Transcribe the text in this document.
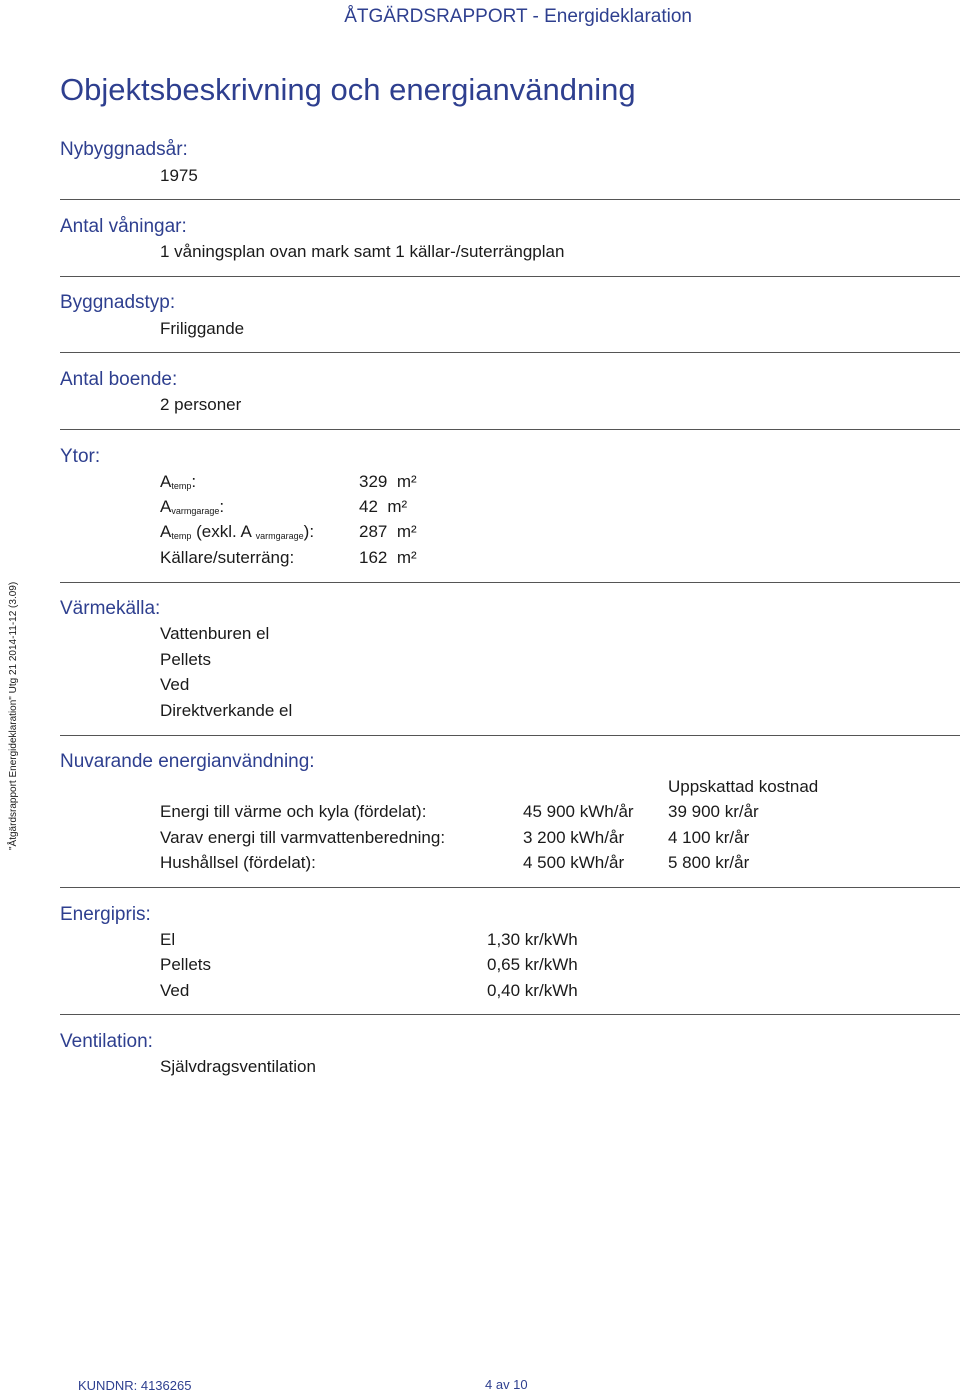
ÅTGÄRDSRAPPORT - Energideklaration
Objektsbeskrivning och energianvändning
"Åtgärdsrapport Energideklaration" Utg 21 2014-11-12 (3.09)
Nybyggnadsår:
1975
Antal våningar:
1 våningsplan ovan mark samt 1 källar-/suterrängplan
Byggnadstyp:
Friliggande
Antal boende:
2 personer
Ytor:
$A_{temp}$:	329 m²
$A_{varmgarage}$:	42 m²
$A_{temp}$ (exkl. A $_{varmgarage}$):	287 m²
Källare/suterräng:	162 m²
Värmekälla:
Vattenburen el
Pellets
Ved
Direktverkande el
Nuvarande energianvändning:
Uppskattad kostnad
Energi till värme och kyla (fördelat):	45 900 kWh/år 39 900 kr/år
Varav energi till varmvattenberedning:	3 200 kWh/år	4 100 kr/år
Hushållsel (fördelat):	4 500 kWh/år	5 800 kr/år
Energipris:
El	1,30 kr/kWh
Pellets	0,65 kr/kWh
Ved	0,40 kr/kWh
Ventilation:
Självdragsventilation
KUNDNR: 4136265	4 av 10
